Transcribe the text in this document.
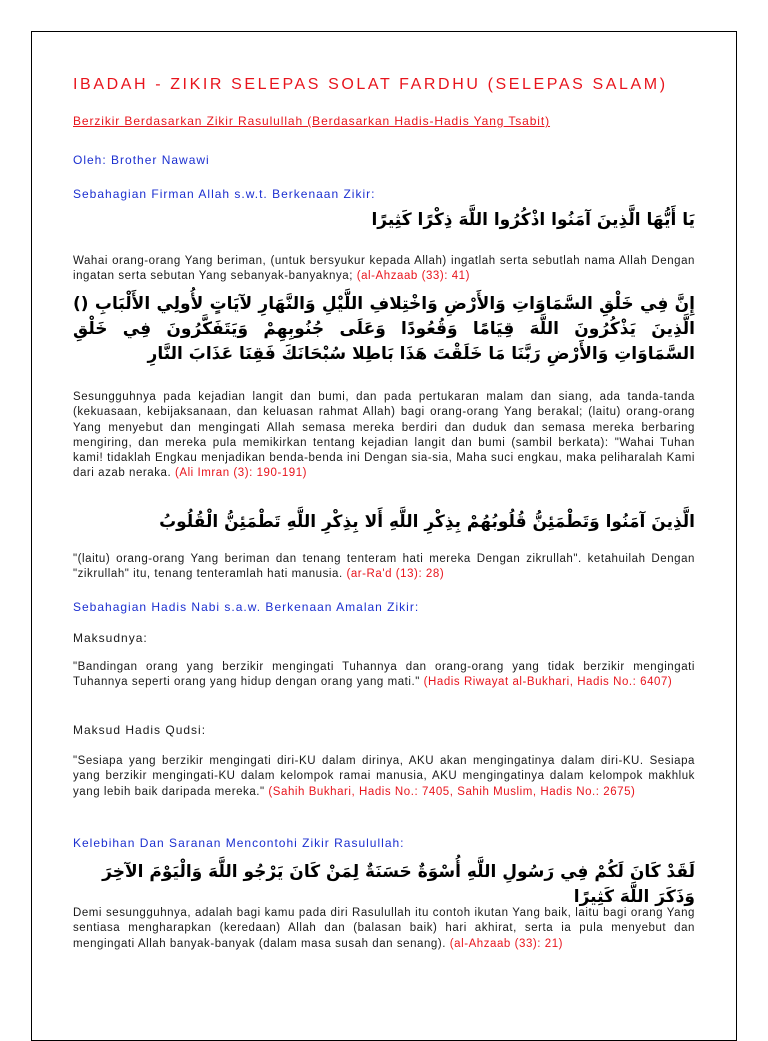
IBADAH - ZIKIR SELEPAS SOLAT FARDHU (SELEPAS SALAM)
Berzikir Berdasarkan Zikir Rasulullah (Berdasarkan Hadis-Hadis Yang Tsabit)
Oleh: Brother Nawawi
Sebahagian Firman Allah s.w.t. Berkenaan Zikir:
يَا أَيُّهَا الَّذِينَ آمَنُوا اذْكُرُوا اللَّهَ ذِكْرًا كَثِيرًا
Wahai orang-orang Yang beriman, (untuk bersyukur kepada Allah) ingatlah serta sebutlah nama Allah Dengan ingatan serta sebutan Yang sebanyak-banyaknya; (al-Ahzaab (33): 41)
إِنَّ فِي خَلْقِ السَّمَاوَاتِ وَالأَرْضِ وَاخْتِلافِ اللَّيْلِ وَالنَّهَارِ لآيَاتٍ لأُولِي الأَلْبَابِ () الَّذِينَ يَذْكُرُونَ اللَّهَ قِيَامًا وَقُعُودًا وَعَلَى جُنُوبِهِمْ وَيَتَفَكَّرُونَ فِي خَلْقِ السَّمَاوَاتِ وَالأَرْضِ رَبَّنَا مَا خَلَقْتَ هَذَا بَاطِلا سُبْحَانَكَ فَقِنَا عَذَابَ النَّارِ
Sesungguhnya pada kejadian langit dan bumi, dan pada pertukaran malam dan siang, ada tanda-tanda (kekuasaan, kebijaksanaan, dan keluasan rahmat Allah) bagi orang-orang Yang berakal; (laitu) orang-orang Yang menyebut dan mengingati Allah semasa mereka berdiri dan duduk dan semasa mereka berbaring mengiring, dan mereka pula memikirkan tentang kejadian langit dan bumi (sambil berkata): "Wahai Tuhan kami! tidaklah Engkau menjadikan benda-benda ini Dengan sia-sia, Maha suci engkau, maka peliharalah Kami dari azab neraka. (Ali Imran (3): 190-191)
الَّذِينَ آمَنُوا وَتَطْمَئِنُّ قُلُوبُهُمْ بِذِكْرِ اللَّهِ أَلا بِذِكْرِ اللَّهِ تَطْمَئِنُّ الْقُلُوبُ
"(laitu) orang-orang Yang beriman dan tenang tenteram hati mereka Dengan zikrullah". ketahuilah Dengan "zikrullah" itu, tenang tenteramlah hati manusia. (ar-Ra'd (13): 28)
Sebahagian Hadis Nabi s.a.w. Berkenaan Amalan Zikir:
Maksudnya:
"Bandingan orang yang berzikir mengingati Tuhannya dan orang-orang yang tidak berzikir mengingati Tuhannya seperti orang yang hidup dengan orang yang mati." (Hadis Riwayat al-Bukhari, Hadis No.: 6407)
Maksud Hadis Qudsi:
"Sesiapa yang berzikir mengingati diri-KU dalam dirinya, AKU akan mengingatinya dalam diri-KU. Sesiapa yang berzikir mengingati-KU dalam kelompok ramai manusia, AKU mengingatinya dalam kelompok makhluk yang lebih baik daripada mereka." (Sahih Bukhari, Hadis No.: 7405, Sahih Muslim, Hadis No.: 2675)
Kelebihan Dan Saranan Mencontohi Zikir Rasulullah:
لَقَدْ كَانَ لَكُمْ فِي رَسُولِ اللَّهِ أُسْوَةٌ حَسَنَةٌ لِمَنْ كَانَ يَرْجُو اللَّهَ وَالْيَوْمَ الآخِرَ وَذَكَرَ اللَّهَ كَثِيرًا
Demi sesungguhnya, adalah bagi kamu pada diri Rasulullah itu contoh ikutan Yang baik, laitu bagi orang Yang sentiasa mengharapkan (keredaan) Allah dan (balasan baik) hari akhirat, serta ia pula menyebut dan mengingati Allah banyak-banyak (dalam masa susah dan senang). (al-Ahzaab (33): 21)
